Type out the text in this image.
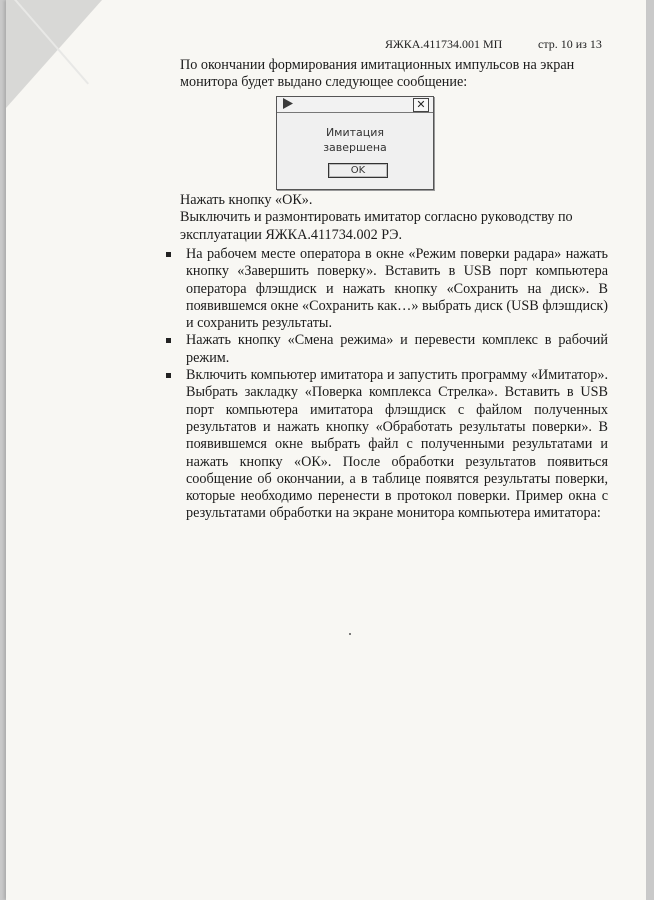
ЯЖКА.411734.001 МП	стр. 10 из 13

По окончании формирования имитационных импульсов на экран монитора будет выдано следующее сообщение:

✕
Имитация
завершена
OK

Нажать кнопку «ОК».

Выключить и размонтировать имитатор согласно руководству по эксплуатации ЯЖКА.411734.002 РЭ.

На рабочем месте оператора в окне «Режим поверки радара» нажать кнопку «Завершить поверку». Вставить в USB порт компьютера оператора флэшдиск и нажать кнопку «Сохранить на диск». В появившемся окне «Сохранить как…» выбрать диск (USB флэшдиск) и сохранить результаты.
Нажать кнопку «Смена режима» и перевести комплекс в рабочий режим.
Включить компьютер имитатора и запустить программу «Имитатор». Выбрать закладку «Поверка комплекса Стрелка». Вставить в USB порт компьютера имитатора флэшдиск с файлом полученных результатов и нажать кнопку «Обработать результаты поверки». В появившемся окне выбрать файл с полученными результатами и нажать кнопку «ОК». После обработки результатов появиться сообщение об окончании, а в таблице появятся результаты поверки, которые необходимо перенести в протокол поверки. Пример окна с результатами обработки на экране монитора компьютера имитатора:
